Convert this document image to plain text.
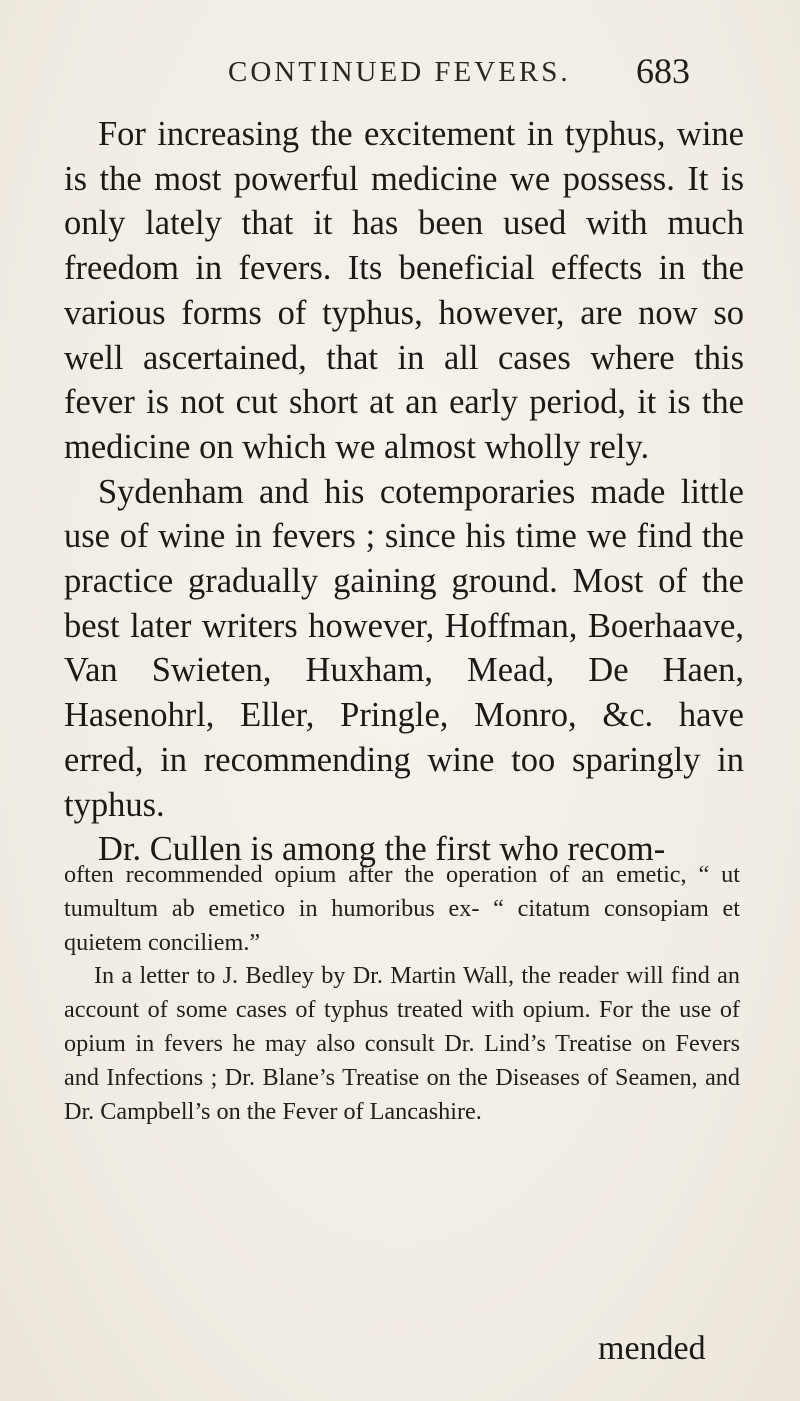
CONTINUED FEVERS. 683

For increasing the excitement in typhus, wine is the most powerful medicine we possess. It is only lately that it has been used with much freedom in fevers. Its beneficial effects in the various forms of typhus, however, are now so well ascertained, that in all cases where this fever is not cut short at an early period, it is the medicine on which we almost wholly rely.

Sydenham and his cotemporaries made little use of wine in fevers ; since his time we find the practice gradually gaining ground. Most of the best later writers however, Hoffman, Boerhaave, Van Swieten, Huxham, Mead, De Haen, Hasenohrl, Eller, Pringle, Monro, &c. have erred, in recommending wine too sparingly in typhus.

Dr. Cullen is among the first who recom-

often recommended opium after the operation of an emetic, “ ut tumultum ab emetico in humoribus ex- “ citatum consopiam et quietem conciliem.”

In a letter to J. Bedley by Dr. Martin Wall, the reader will find an account of some cases of typhus treated with opium. For the use of opium in fevers he may also consult Dr. Lind’s Treatise on Fevers and Infections ; Dr. Blane’s Treatise on the Diseases of Seamen, and Dr. Campbell’s on the Fever of Lancashire.

mended
